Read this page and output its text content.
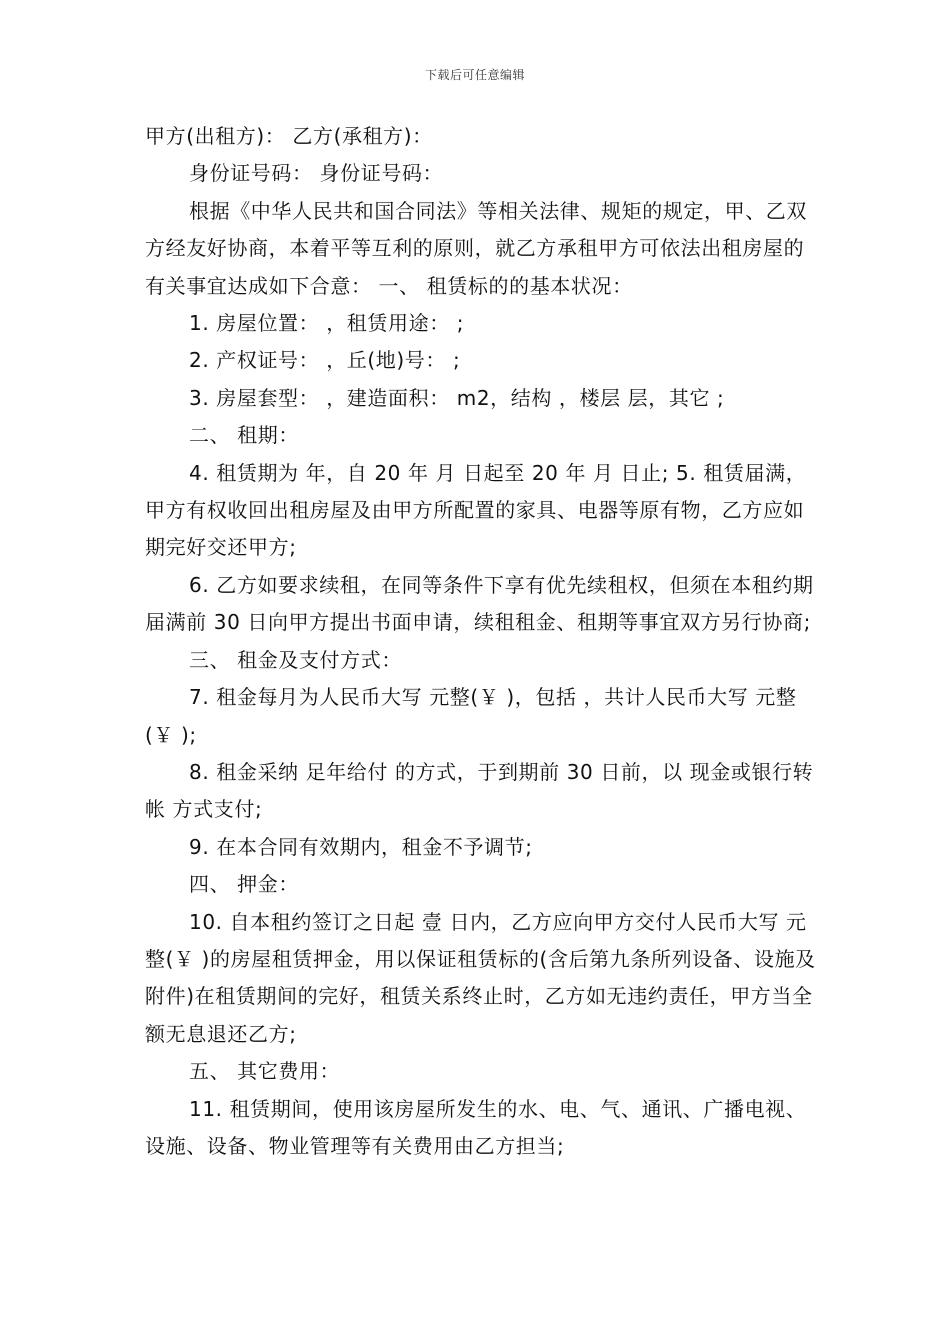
下载后可任意编辑

甲方(出租方)： 乙方(承租方)：

身份证号码： 身份证号码：

根据《中华人民共和国合同法》等相关法律、规矩的规定，甲、乙双方经友好协商，本着平等互利的原则，就乙方承租甲方可依法出租房屋的有关事宜达成如下合意： 一、 租赁标的的基本状况：

1. 房屋位置： ，租赁用途： ;

2. 产权证号： ，丘(地)号： ;

3. 房屋套型： ，建造面积： m2，结构 ，楼层 层，其它 ;

二、 租期：

4. 租赁期为 年，自 20 年 月 日起至 20 年 月 日止; 5. 租赁届满，甲方有权收回出租房屋及由甲方所配置的家具、电器等原有物，乙方应如期完好交还甲方;

6. 乙方如要求续租，在同等条件下享有优先续租权，但须在本租约期届满前 30 日向甲方提出书面申请，续租租金、租期等事宜双方另行协商;

三、 租金及支付方式：

7. 租金每月为人民币大写 元整(￥ )，包括 ，共计人民币大写 元整(￥ );

8. 租金采纳 足年给付 的方式，于到期前 30 日前，以 现金或银行转帐 方式支付;

9. 在本合同有效期内，租金不予调节;

四、 押金：

10. 自本租约签订之日起 壹 日内，乙方应向甲方交付人民币大写 元整(￥ )的房屋租赁押金，用以保证租赁标的(含后第九条所列设备、设施及附件)在租赁期间的完好，租赁关系终止时，乙方如无违约责任，甲方当全额无息退还乙方;

五、 其它费用：

11. 租赁期间，使用该房屋所发生的水、电、气、通讯、广播电视、设施、设备、物业管理等有关费用由乙方担当;
